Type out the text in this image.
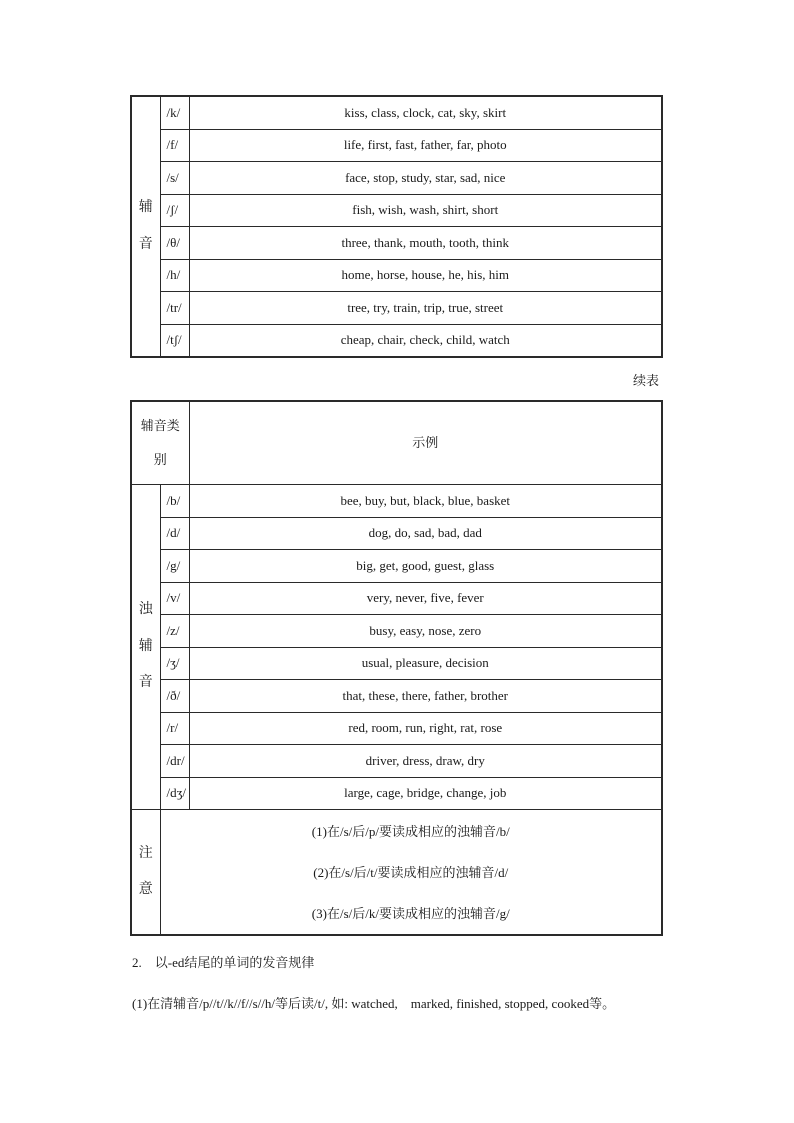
辅
音	/k/	kiss, class, clock, cat, sky, skirt
	/f/	life, first, fast, father, far, photo
	/s/	face, stop, study, star, sad, nice
	/ʃ/	fish, wish, wash, shirt, short
	/θ/	three, thank, mouth, tooth, think
	/h/	home, horse, house, he, his, him
	/tr/	tree, try, train, trip, true, street
	/tʃ/	cheap, chair, check, child, watch
续表
辅音类
别		示例
浊
辅
音	/b/	bee, buy, but, black, blue, basket
	/d/	dog, do, sad, bad, dad
	/g/	big, get, good, guest, glass
	/v/	very, never, five, fever
	/z/	busy, easy, nose, zero
	/ʒ/	usual, pleasure, decision
	/ð/	that, these, there, father, brother
	/r/	red, room, run, right, rat, rose
	/dr/	driver, dress, draw, dry
	/dʒ/	large, cage, bridge, change, job
注
意	(1)在/s/后/p/要读成相应的浊辅音/b/
(2)在/s/后/t/要读成相应的浊辅音/d/
(3)在/s/后/k/要读成相应的浊辅音/g/	
2.　以-ed结尾的单词的发音规律
(1)在清辅音/p//t//k//f//s//h/等后读/t/, 如: watched,　marked, finished, stopped, cooked等。
